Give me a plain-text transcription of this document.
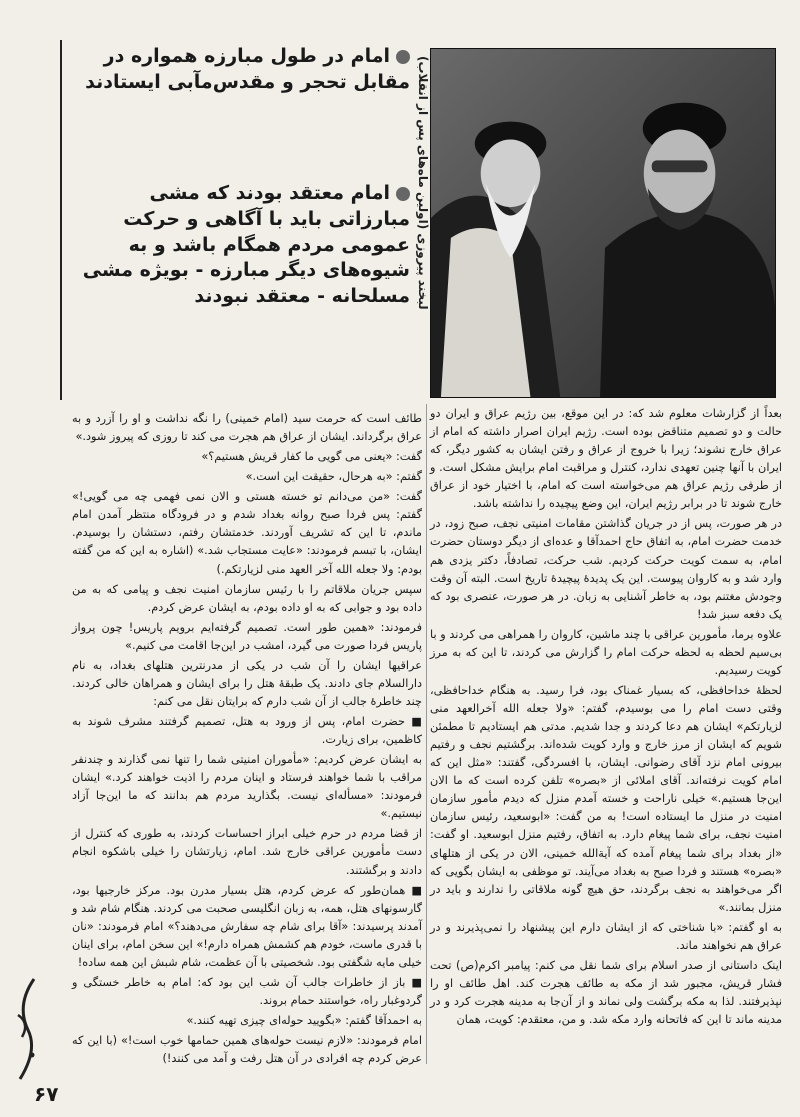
امام در طول مبارزه همواره در مقابل تحجر و مقدس‌مآبی ایستادند
امام معتقد بودند که مشی مبارزاتی باید با آگاهی و حرکت عمومی مردم همگام باشد و به شیوه‌های دیگر مبارزه - بویژه مشی مسلحانه - معتقد نبودند لبخند پیروزی (اولین ماه‌های پس از انقلاب)

بعداً از گزارشات معلوم شد که: در این موقع، بین رژیم عراق و ایران دو حالت و دو تصمیم متناقض بوده است. رژیم ایران اصرار داشته که امام از عراق خارج نشوند؛ زیرا با خروج از عراق و رفتن ایشان به کشور دیگر، که ایران با آنها چنین تعهدی ندارد، کنترل و مراقبت امام برایش مشکل است. و از طرفی رژیم عراق هم می‌خواسته است که امام، با اختیار خود از عراق خارج شوند تا در برابر رژیم ایران، این وضع پیچیده را نداشته باشد.

در هر صورت، پس از در جریان گذاشتن مقامات امنیتی نجف، صبح زود، در خدمت حضرت امام، به اتفاق حاج احمدآقا و عده‌ای از دیگر دوستان حضرت امام، به سمت کویت حرکت کردیم. شب حرکت، تصادفاً، دکتر یزدی هم وارد شد و به کاروان پیوست. این یک پدیدهٔ پیچیدهٔ تاریخ است. البته آن وقت وجودش مغتنم بود، به خاطر آشنایی به زبان. در هر صورت، عنصری بود که یک دفعه سبز شد!

علاوه برما، مأمورین عراقی با چند ماشین، کاروان را همراهی می کردند و با بی‌سیم لحظه به لحظه حرکت امام را گزارش می کردند، تا این که به مرز کویت رسیدیم.

لحظهٔ خداحافظی، که بسیار غمناک بود، فرا رسید. به هنگام خداحافظی، وقتی دست امام را می بوسیدم، گفتم: «ولا جعله الله آخرالعهد منی لزیارتکم» ایشان هم دعا کردند و جدا شدیم. مدتی هم ایستادیم تا مطمئن شویم که ایشان از مرز خارج و وارد کویت شده‌اند. برگشتیم نجف و رفتیم بیرونی امام نزد آقای رضوانی. ایشان، با افسردگی، گفتند: «مثل این که امام کویت نرفته‌اند. آقای املائی از «بصره» تلفن کرده است که ما الان این‌جا هستیم.» خیلی ناراحت و خسته آمدم منزل که دیدم مأمور سازمان امنیت در منزل ما ایستاده است! به من گفت: «ابوسعید، رئیس سازمان امنیت نجف، برای شما پیغام دارد. به اتفاق، رفتیم منزل ابوسعید. او گفت: «از بغداد برای شما پیغام آمده که آیةالله خمینی، الان در یکی از هتلهای «بصره» هستند و فردا صبح به بغداد می‌آیند. تو موظفی به ایشان بگویی که اگر می‌خواهند به نجف برگردند، حق هیچ گونه ملاقاتی را ندارند و باید در منزل بمانند.»

به او گفتم: «با شناختی که از ایشان دارم این پیشنهاد را نمی‌پذیرند و در عراق هم نخواهند ماند.

اینک داستانی از صدر اسلام برای شما نقل می کنم: پیامبر اکرم(ص) تحت فشار قریش، مجبور شد از مکه به طائف هجرت کند. اهل طائف او را نپذیرفتند. لذا به مکه برگشت ولی نماند و از آن‌جا به مدینه هجرت کرد و در مدینه ماند تا این که فاتحانه وارد مکه شد. و من، معتقدم: کویت، همان

طائف است که حرمت سید (امام خمینی) را نگه نداشت و او را آزرد و به عراق برگرداند. ایشان از عراق هم هجرت می کند تا روزی که پیروز شود.»

گفت: «یعنی می گویی ما کفار قریش هستیم؟»

گفتم: «به هرحال، حقیقت این است.»

گفت: «من می‌دانم تو خسته هستی و الان نمی فهمی چه می گویی!» گفتم: پس فردا صبح روانه بغداد شدم و در فرودگاه منتظر آمدن امام ماندم، تا این که تشریف آوردند. خدمتشان رفتم، دستشان را بوسیدم. ایشان، با تبسم فرمودند: «عایت مستجاب شد.» (اشاره به این که من گفته بودم: ولا جعله الله آخر العهد منی لزیارتکم.)

سپس جریان ملاقاتم را با رئیس سازمان امنیت نجف و پیامی که به من داده بود و جوابی که به او داده بودم، به ایشان عرض کردم.

فرمودند: «همین طور است. تصمیم گرفته‌ایم برویم پاریس! چون پرواز پاریس فردا صورت می گیرد، امشب در این‌جا اقامت می کنیم.»

عراقیها ایشان را آن شب در یکی از مدرنترین هتلهای بغداد، به نام دارالسلام جای دادند. یک طبقهٔ هتل را برای ایشان و همراهان خالی کردند. چند خاطرهٔ جالب از آن شب دارم که برایتان نقل می کنم:

■ حضرت امام، پس از ورود به هتل، تصمیم گرفتند مشرف شوند به کاظمین، برای زیارت.

به ایشان عرض کردیم: «مأموران امنیتی شما را تنها نمی گذارند و چندنفر مراقب با شما خواهند فرستاد و اینان مردم را اذیت خواهند کرد.» ایشان فرمودند: «مسأله‌ای نیست. بگذارید مردم هم بدانند که ما این‌جا آزاد نیستیم.»

از قضا مردم در حرم خیلی ابراز احساسات کردند، به طوری که کنترل از دست مأمورین عراقی خارج شد. امام، زیارتشان را خیلی باشکوه انجام دادند و برگشتند.

■ همان‌طور که عرض کردم، هتل بسیار مدرن بود. مرکز خارجیها بود، گارسونهای هتل، همه، به زبان انگلیسی صحبت می کردند. هنگام شام شد و آمدند پرسیدند: «آقا برای شام چه سفارش می‌دهند؟» امام فرمودند: «نان با قدری ماست، خودم هم کشمش همراه دارم!» این سخن امام، برای اینان خیلی مایه شگفتی بود. شخصیتی با آن عظمت، شام شبش این همه ساده!

■ باز از خاطرات جالب آن شب این بود که: امام به خاطر خستگی و گردوغبار راه، خواستند حمام بروند.

به احمدآقا گفتم: «بگویید حوله‌ای چیزی تهیه کنند.»

امام فرمودند: «لازم نیست حوله‌های همین حمامها خوب است!» (با این که عرض کردم چه افرادی در آن هتل رفت و آمد می کنند!)

۶۷
